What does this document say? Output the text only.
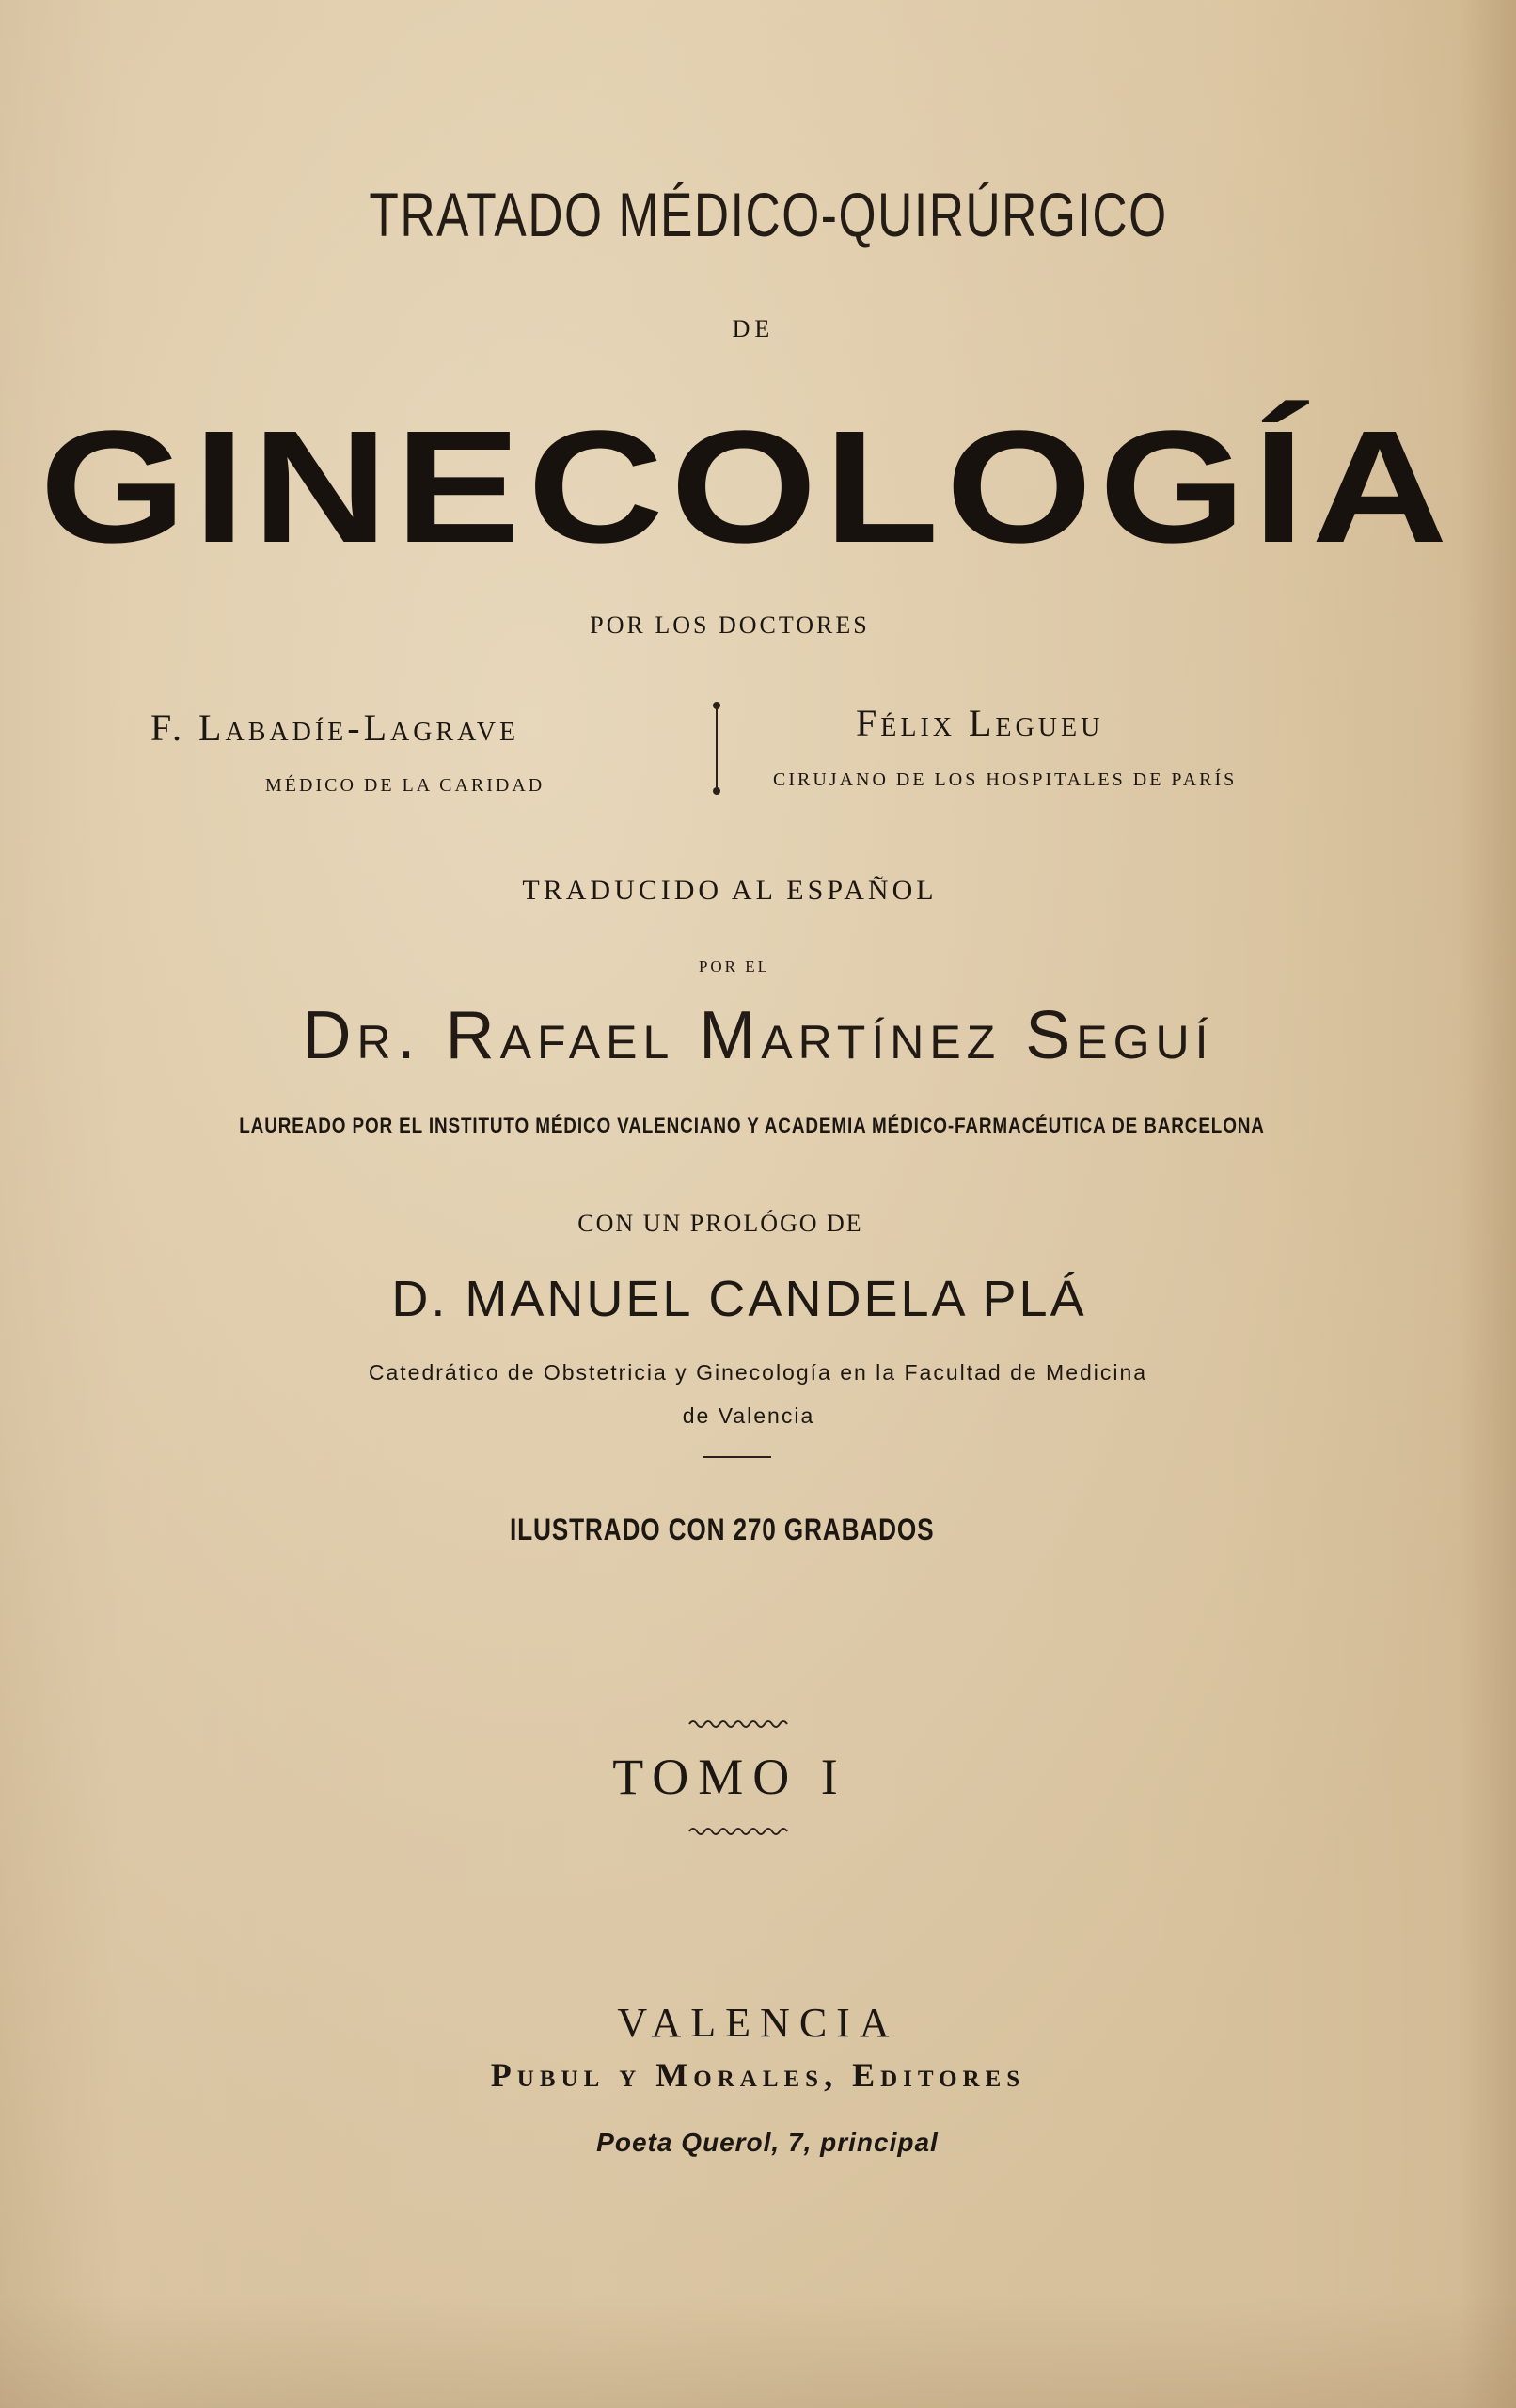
TRATADO MÉDICO-QUIRÚRGICO
DE
GINECOLOGÍA
POR LOS DOCTORES
F. Labadíe-Lagrave
MÉDICO DE LA CARIDAD
Félix Legueu
CIRUJANO DE LOS HOSPITALES DE PARÍS
TRADUCIDO AL ESPAÑOL
POR EL
Dr. Rafael Martínez Seguí
LAUREADO POR EL INSTITUTO MÉDICO VALENCIANO Y ACADEMIA MÉDICO-FARMACÉUTICA DE BARCELONA
CON UN PROLÓGO DE
D. MANUEL CANDELA PLÁ
Catedrático de Obstetricia y Ginecología en la Facultad de Medicina
de Valencia
ILUSTRADO CON 270 GRABADOS
TOMO I
VALENCIA
Pubul y Morales, Editores
Poeta Querol, 7, principal
